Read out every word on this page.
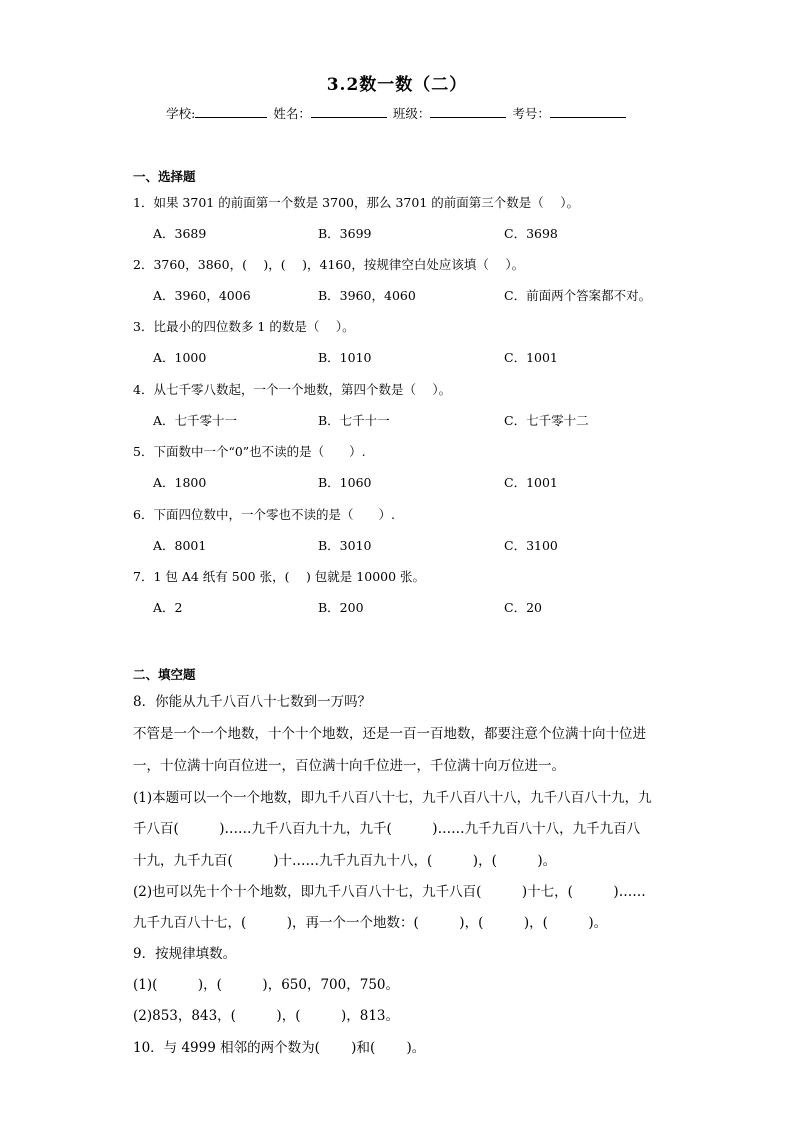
3.2数一数（二）
学校:	姓名：	班级：	考号：
一、选择题
1．如果 3701 的前面第一个数是 3700，那么 3701 的前面第三个数是（　 ）。
A．3689	B．3699	C．3698
2．3760，3860，(　 )，(　 )，4160，按规律空白处应该填（　 ）。
A．3960，4006	B．3960，4060	C．前面两个答案都不对。
3．比最小的四位数多 1 的数是（　 ）。
A．1000	B．1010	C．1001
4．从七千零八数起，一个一个地数，第四个数是（　 ）。
A．七千零十一	B．七千十一	C．七千零十二
5．下面数中一个“0”也不读的是（　　）.
A．1800	B．1060	C．1001
6．下面四位数中，一个零也不读的是（　　）.
A．8001	B．3010	C．3100
7．1 包 A4 纸有 500 张，(　 ) 包就是 10000 张。
A．2	B．200	C．20
二、填空题
8．你能从九千八百八十七数到一万吗？
不管是一个一个地数，十个十个地数，还是一百一百地数，都要注意个位满十向十位进
一，十位满十向百位进一，百位满十向千位进一，千位满十向万位进一。
(1)本题可以一个一个地数，即九千八百八十七，九千八百八十八，九千八百八十九，九
千八百(　　　)……九千八百九十九，九千(　　　)……九千九百八十八，九千九百八
十九，九千九百(　　　)十……九千九百九十八，(　　　)，(　　　)。
(2)也可以先十个十个地数，即九千八百八十七，九千八百(　　　)十七，(　　　)……
九千九百八十七，(　　　)，再一个一个地数：(　　　)，(　　　)，(　　　)。
9．按规律填数。
(1)(　　　)，(　　　)，650，700，750。
(2)853，843，(　　　)，(　　　)，813。
10．与 4999 相邻的两个数为(　　 )和(　　 )。
